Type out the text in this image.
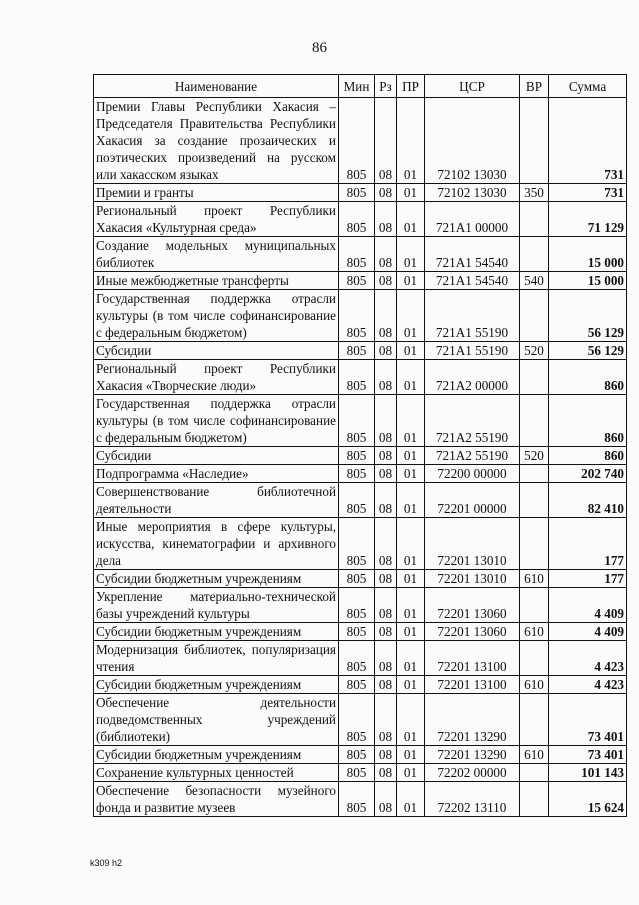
86
Наименование	Мин	Рз	ПР	ЦСР	ВР	Сумма
Премии Главы Республики Хакасия – Председателя Правительства Республики Хакасия за создание прозаических и поэтических произведений на русском или хакасском языках	805	08	01	72102 13030		731
Премии и гранты	805	08	01	72102 13030	350	731
Региональный проект Республики Хакасия «Культурная среда»	805	08	01	721A1 00000		71 129
Создание модельных муниципальных библиотек	805	08	01	721A1 54540		15 000
Иные межбюджетные трансферты	805	08	01	721A1 54540	540	15 000
Государственная поддержка отрасли культуры (в том числе софинансирование с федеральным бюджетом)	805	08	01	721A1 55190		56 129
Субсидии	805	08	01	721A1 55190	520	56 129
Региональный проект Республики Хакасия «Творческие люди»	805	08	01	721A2 00000		860
Государственная поддержка отрасли культуры (в том числе софинансирование с федеральным бюджетом)	805	08	01	721A2 55190		860
Субсидии	805	08	01	721A2 55190	520	860
Подпрограмма «Наследие»	805	08	01	72200 00000		202 740
Совершенствование библиотечной деятельности	805	08	01	72201 00000		82 410
Иные мероприятия в сфере культуры, искусства, кинематографии и архивного дела	805	08	01	72201 13010		177
Субсидии бюджетным учреждениям	805	08	01	72201 13010	610	177
Укрепление материально-технической базы учреждений культуры	805	08	01	72201 13060		4 409
Субсидии бюджетным учреждениям	805	08	01	72201 13060	610	4 409
Модернизация библиотек, популяризация чтения	805	08	01	72201 13100		4 423
Субсидии бюджетным учреждениям	805	08	01	72201 13100	610	4 423
Обеспечение деятельности подведомственных учреждений (библиотеки)	805	08	01	72201 13290		73 401
Субсидии бюджетным учреждениям	805	08	01	72201 13290	610	73 401
Сохранение культурных ценностей	805	08	01	72202 00000		101 143
Обеспечение безопасности музейного фонда и развитие музеев	805	08	01	72202 13110		15 624
k309 h2
